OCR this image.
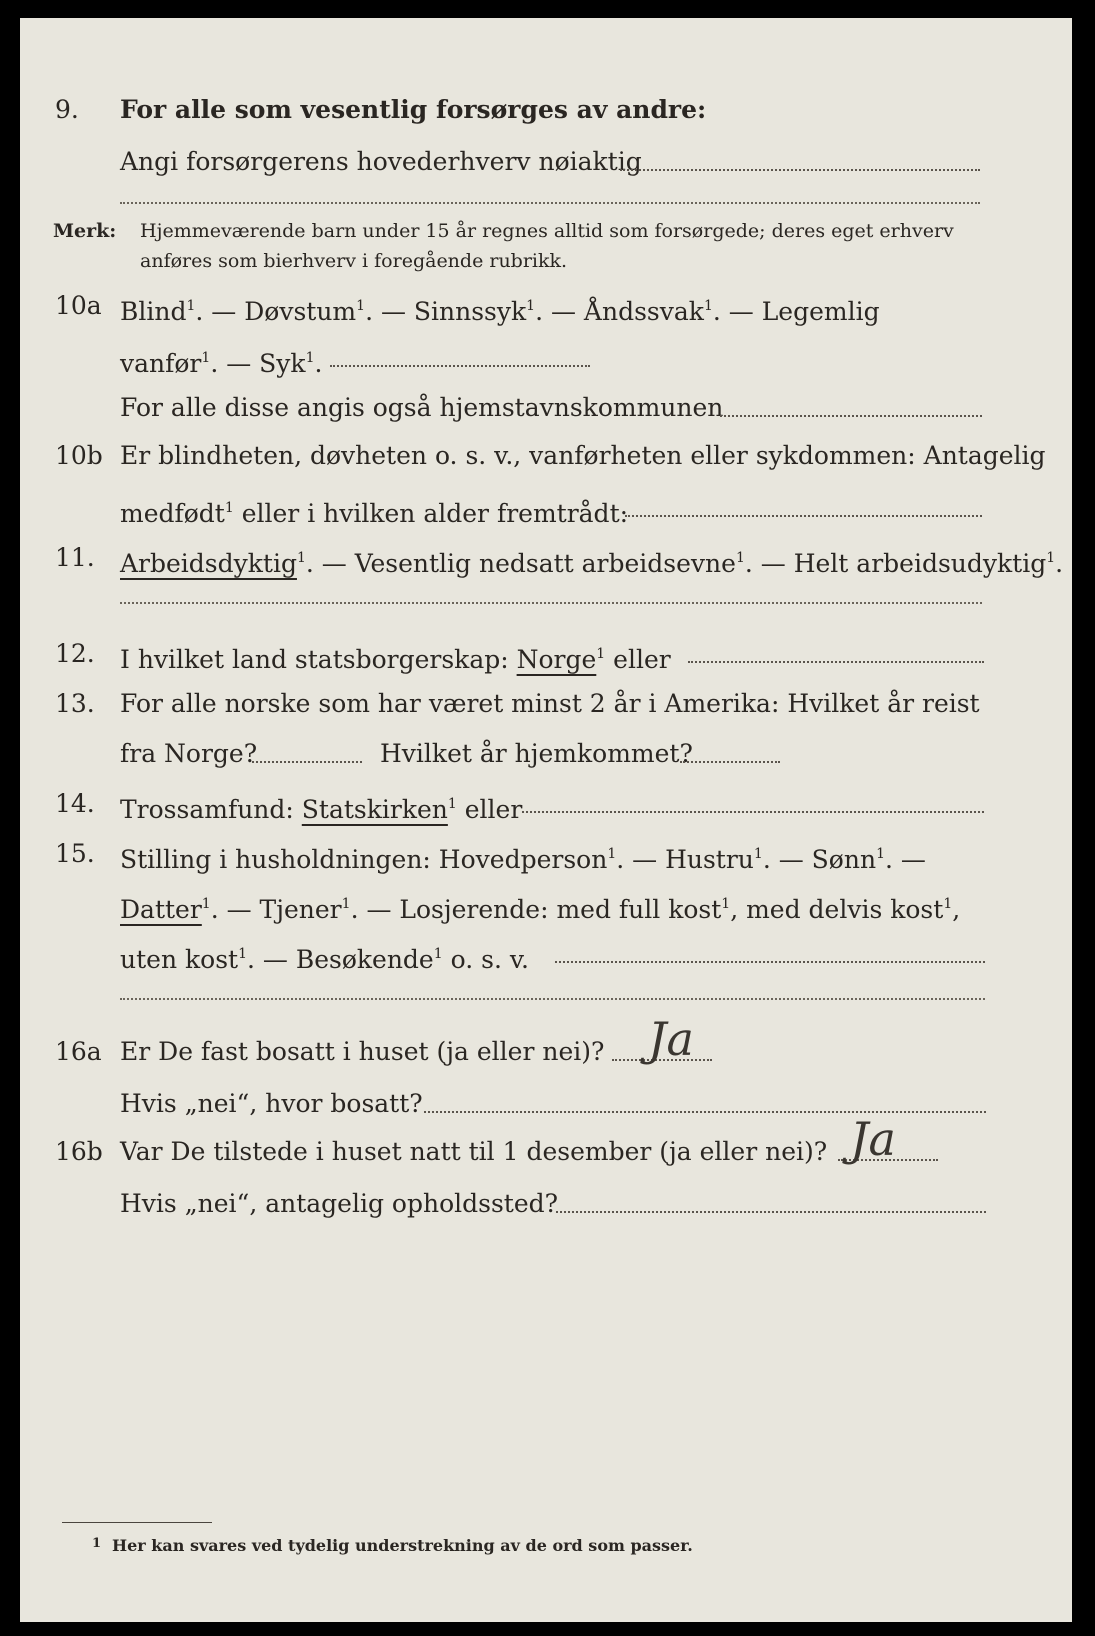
9. For alle som vesentlig forsørges av andre:
Angi forsørgerens hovederhverv nøiaktig
Merk: Hjemmeværende barn under 15 år regnes alltid som forsørgede; deres eget erhverv
anføres som bierhverv i foregående rubrikk.
10a Blind$^1$. — Døvstum$^1$. — Sinnssyk$^1$. — Åndssvak$^1$. — Legemlig
vanfør$^1$. — Syk$^1$.
For alle disse angis også hjemstavnskommunen
10b Er blindheten, døvheten o. s. v., vanførheten eller sykdommen: Antagelig
medfødt$^1$ eller i hvilken alder fremtrådt:
11. Arbeidsdyktig$^1$. — Vesentlig nedsatt arbeidsevne$^1$. — Helt arbeidsudyktig$^1$.
12. I hvilket land statsborgerskap: Norge$^1$ eller
13. For alle norske som har været minst 2 år i Amerika: Hvilket år reist
fra Norge?	Hvilket år hjemkommet?
14. Trossamfund: Statskirken$^1$ eller
15. Stilling i husholdningen: Hovedperson$^1$. — Hustru$^1$. — Sønn$^1$. —
Datter$^1$. — Tjener$^1$. — Losjerende: med full kost$^1$, med delvis kost$^1$,
uten kost$^1$. — Besøkende$^1$ o. s. v.
16a Er De fast bosatt i huset (ja eller nei)? Ja
Hvis „nei“, hvor bosatt?
16b Var De tilstede i huset natt til 1 desember (ja eller nei)? Ja
Hvis „nei“, antagelig opholdssted?
1 Her kan svares ved tydelig understrekning av de ord som passer.
